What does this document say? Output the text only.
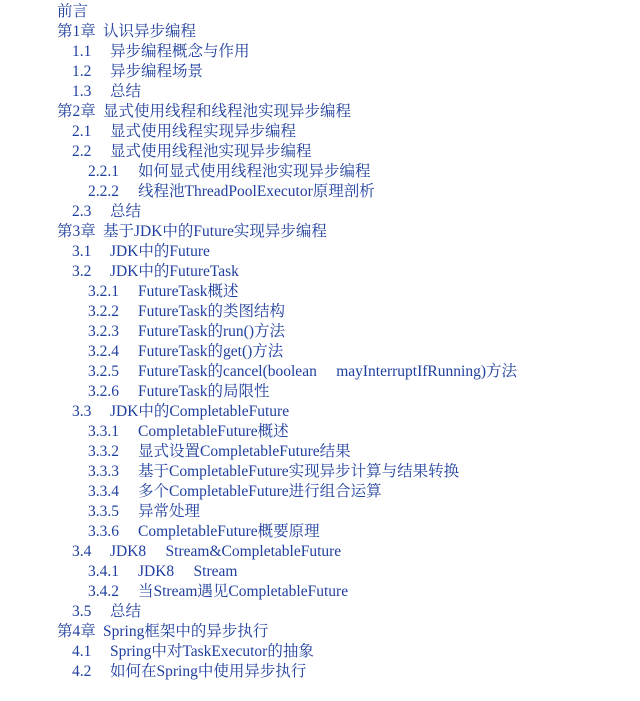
前言
第1章 认识异步编程
1.1 异步编程概念与作用
1.2 异步编程场景
1.3 总结
第2章 显式使用线程和线程池实现异步编程
2.1 显式使用线程实现异步编程
2.2 显式使用线程池实现异步编程
2.2.1 如何显式使用线程池实现异步编程
2.2.2 线程池ThreadPoolExecutor原理剖析
2.3 总结
第3章 基于JDK中的Future实现异步编程
3.1 JDK中的Future
3.2 JDK中的FutureTask
3.2.1 FutureTask概述
3.2.2 FutureTask的类图结构
3.2.3 FutureTask的run()方法
3.2.4 FutureTask的get()方法
3.2.5 FutureTask的cancel(boolean  mayInterruptIfRunning)方法
3.2.6 FutureTask的局限性
3.3 JDK中的CompletableFuture
3.3.1 CompletableFuture概述
3.3.2 显式设置CompletableFuture结果
3.3.3 基于CompletableFuture实现异步计算与结果转换
3.3.4 多个CompletableFuture进行组合运算
3.3.5 异常处理
3.3.6 CompletableFuture概要原理
3.4 JDK8  Stream&CompletableFuture
3.4.1 JDK8  Stream
3.4.2 当Stream遇见CompletableFuture
3.5 总结
第4章 Spring框架中的异步执行
4.1 Spring中对TaskExecutor的抽象
4.2 如何在Spring中使用异步执行
